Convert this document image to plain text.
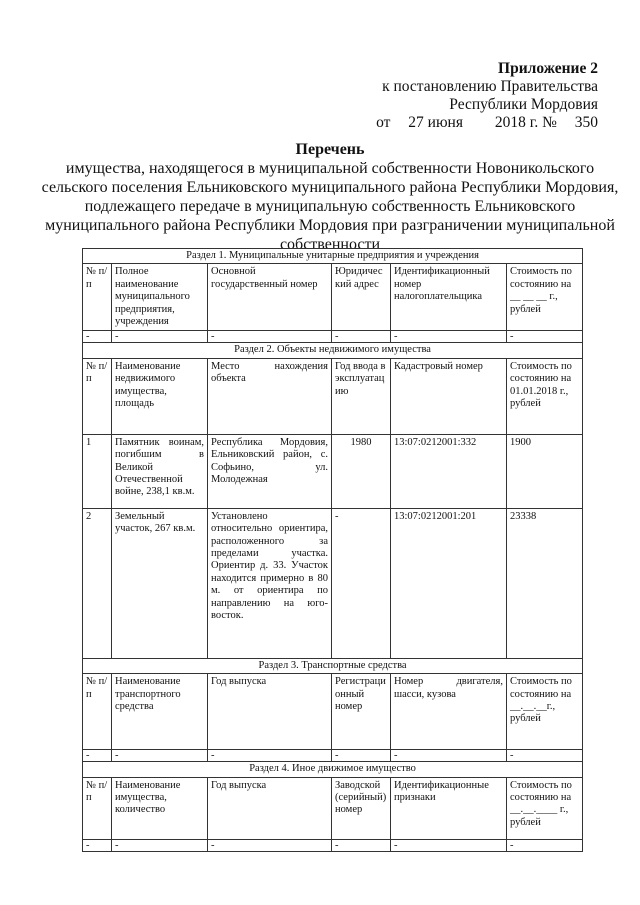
Приложение 2
к постановлению Правительства
Республики Мордовия
от 27 июня 2018 г. № 350
Перечень
имущества, находящегося в муниципальной собственности Новоникольского сельского поселения Ельниковского муниципального района Республики Мордовия, подлежащего передаче в муниципальную собственность Ельниковского муниципального района Республики Мордовия при разграничении муниципальной собственности
Раздел 1. Муниципальные унитарные предприятия и учреждения					
№ п/п	Полное наименование муниципального предприятия, учреждения	Основной государственный номер	Юридический адрес	Идентификационный номер налогоплательщика	Стоимость по состоянию на __ __ __ г., рублей
-	-	-	-	-	-
Раздел 2. Объекты недвижимого имущества					
№ п/п	Наименование недвижимого имущества, площадь	Место нахождения объекта	Год ввода в эксплуатацию	Кадастровый номер	Стоимость по состоянию на 01.01.2018 г., рублей
1	Памятник воинам, погибшим в Великой Отечественной войне, 238,1 кв.м.	Республика Мордовия, Ельниковский район, с. Софьино, ул. Молодежная	1980	13:07:0212001:332	1900
2	Земельный участок, 267 кв.м.	Установлено относительно ориентира, расположенного за пределами участка. Ориентир д. 33. Участок находится примерно в 80 м. от ориентира по направлению на юго-восток.	-	13:07:0212001:201	23338
Раздел 3. Транспортные средства					
№ п/п	Наименование транспортного средства	Год выпуска	Регистрационный номер	Номер двигателя, шасси, кузова	Стоимость по состоянию на __.__.__г., рублей
-	-	-	-	-	-
Раздел 4. Иное движимое имущество					
№ п/п	Наименование имущества, количество	Год выпуска	Заводской (серийный) номер	Идентификационные признаки	Стоимость по состоянию на __.__.____ г., рублей
-	-	-	-	-	-
